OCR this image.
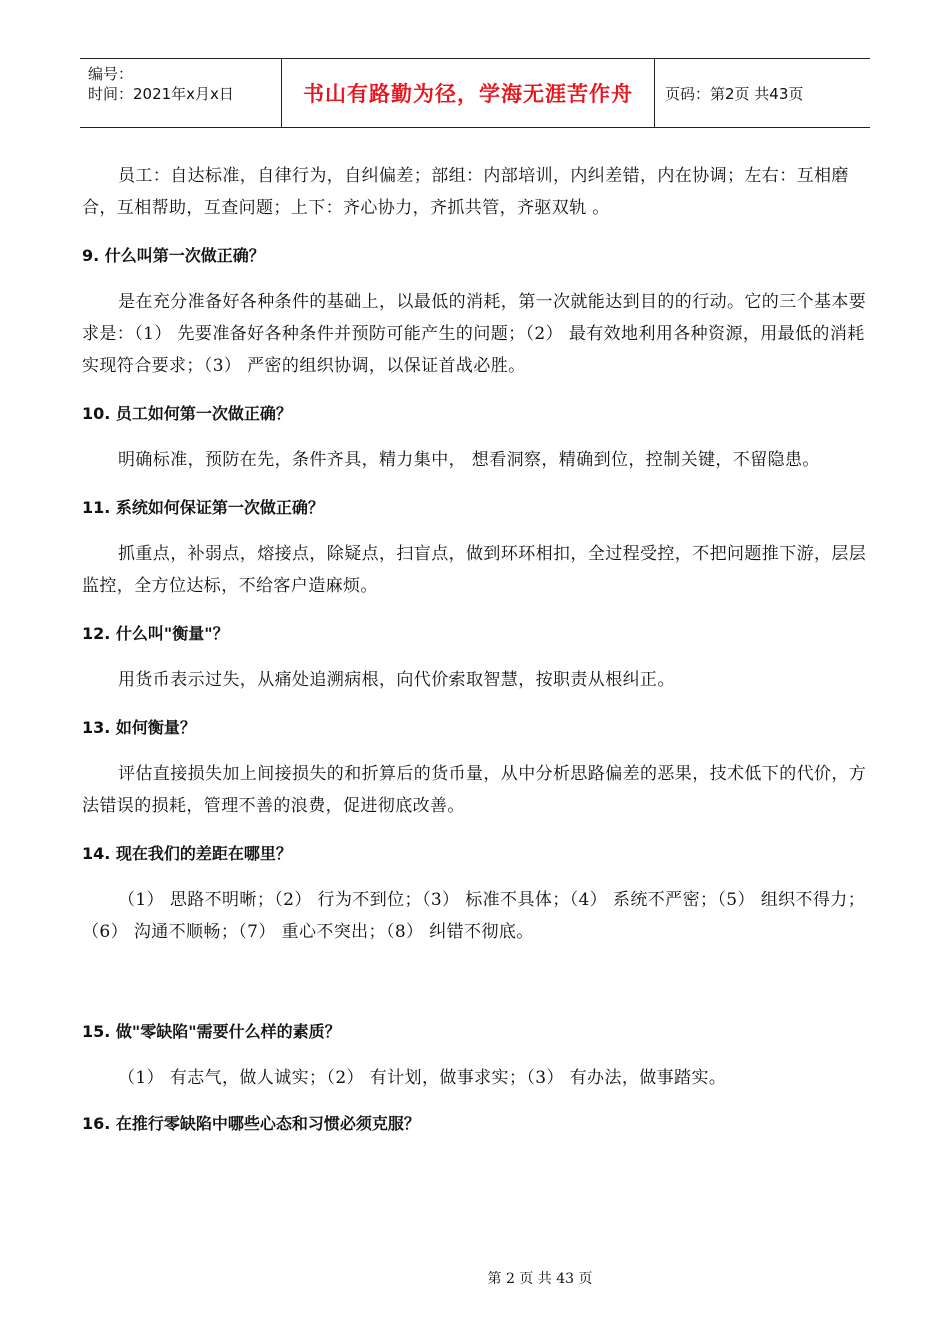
编号：
时间：2021年x月x日	书山有路勤为径，学海无涯苦作舟	页码：第2页 共43页

员工：自达标准，自律行为，自纠偏差；部组：内部培训，内纠差错，内在协调；左右：互相磨合，互相帮助，互查问题；上下：齐心协力，齐抓共管，齐驱双轨 。

9. 什么叫第一次做正确？

是在充分准备好各种条件的基础上，以最低的消耗，第一次就能达到目的的行动。它的三个基本要求是：（1） 先要准备好各种条件并预防可能产生的问题；（2） 最有效地利用各种资源，用最低的消耗实现符合要求；（3） 严密的组织协调，以保证首战必胜。

10. 员工如何第一次做正确？

明确标准，预防在先，条件齐具，精力集中， 想看洞察，精确到位，控制关键，不留隐患。

11. 系统如何保证第一次做正确？

抓重点，补弱点，熔接点，除疑点，扫盲点，做到环环相扣，全过程受控，不把问题推下游，层层监控，全方位达标，不给客户造麻烦。

12. 什么叫"衡量"？

用货币表示过失，从痛处追溯病根，向代价索取智慧，按职责从根纠正。

13. 如何衡量？

评估直接损失加上间接损失的和折算后的货币量，从中分析思路偏差的恶果，技术低下的代价，方法错误的损耗，管理不善的浪费，促进彻底改善。

14. 现在我们的差距在哪里？

（1） 思路不明晰；（2） 行为不到位；（3） 标准不具体；（4） 系统不严密；（5） 组织不得力；（6） 沟通不顺畅；（7） 重心不突出；（8） 纠错不彻底。

15. 做"零缺陷"需要什么样的素质？

（1） 有志气，做人诚实；（2） 有计划，做事求实；（3） 有办法，做事踏实。

16. 在推行零缺陷中哪些心态和习惯必须克服？

第 2 页 共 43 页
